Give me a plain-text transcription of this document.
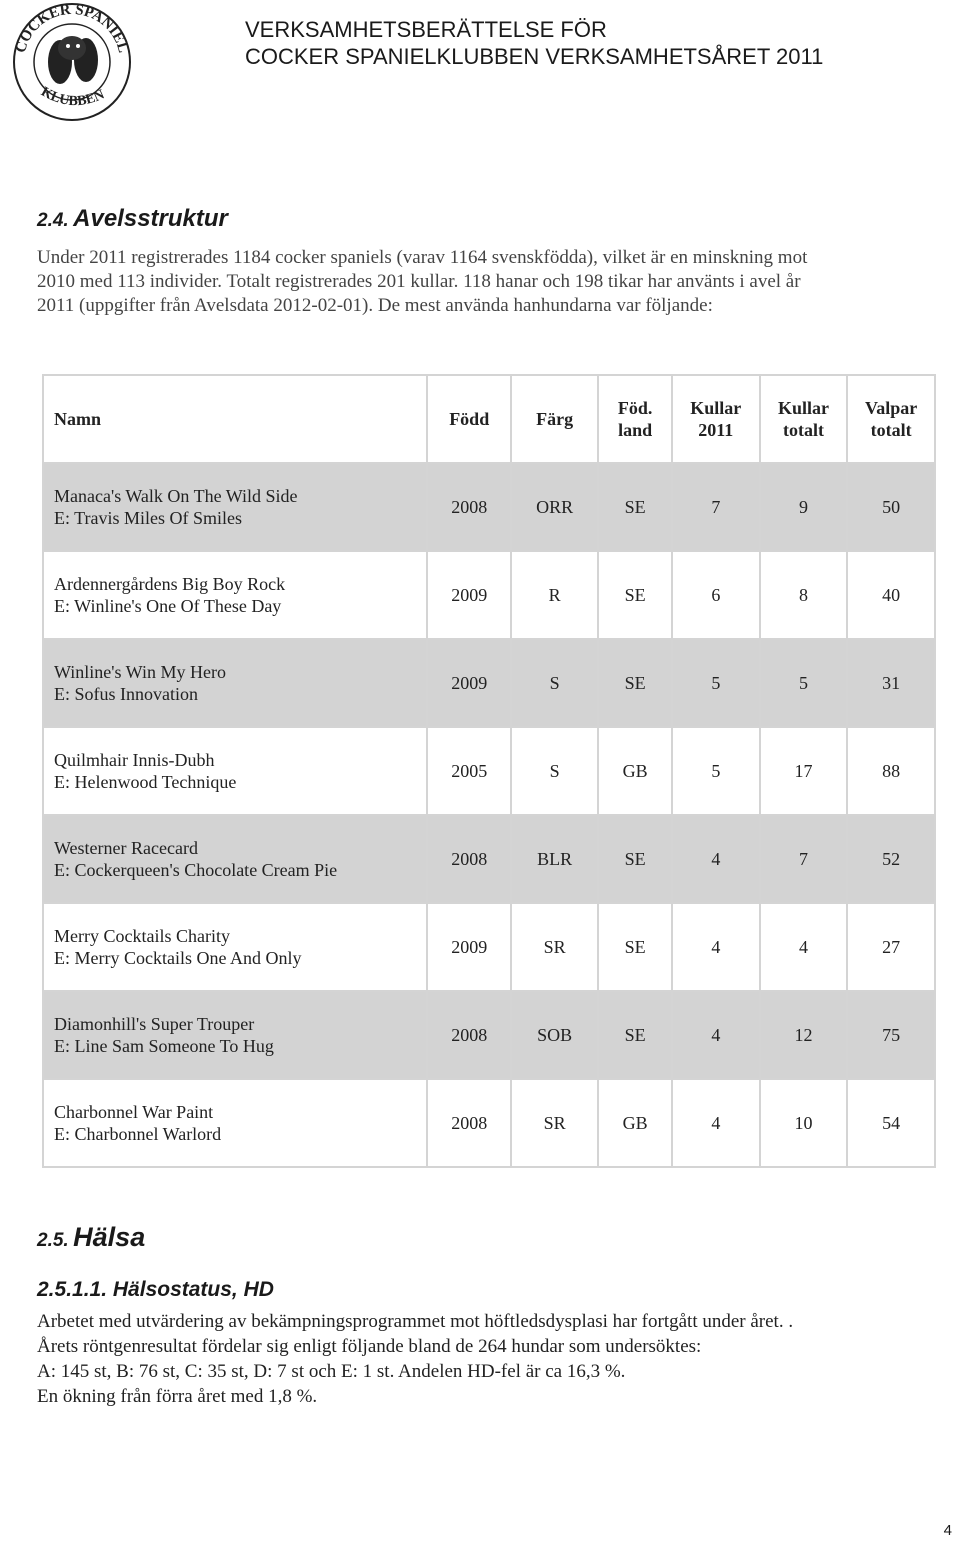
COCKER SPANIEL
KLUBBEN
VERKSAMHETSBERÄTTELSE FÖR
COCKER SPANIELKLUBBEN VERKSAMHETSÅRET 2011
2.4. Avelsstruktur
Under 2011 registrerades 1184 cocker spaniels (varav 1164 svenskfödda), vilket är en minskning mot
2010 med 113 individer. Totalt registrerades 201 kullar. 118 hanar och 198 tikar har använts i avel år
2011 (uppgifter från Avelsdata 2012-02-01). De mest använda hanhundarna var följande:
Namn	Född	Färg	Föd. land	Kullar 2011	Kullar totalt	Valpar totalt

Manaca's Walk On The Wild Side
E: Travis Miles Of Smiles	2008	ORR	SE	7	9	50

Ardennergårdens Big Boy Rock
E: Winline's One Of These Day	2009	R	SE	6	8	40

Winline's Win My Hero
E: Sofus Innovation	2009	S	SE	5	5	31

Quilmhair Innis-Dubh
E: Helenwood Technique	2005	S	GB	5	17	88

Westerner Racecard
E: Cockerqueen's Chocolate Cream Pie	2008	BLR	SE	4	7	52

Merry Cocktails Charity
E: Merry Cocktails One And Only	2009	SR	SE	4	4	27

Diamonhill's Super Trouper
E: Line Sam Someone To Hug	2008	SOB	SE	4	12	75

Charbonnel War Paint
E: Charbonnel Warlord	2008	SR	GB	4	10	54
2.5. Hälsa
2.5.1.1. Hälsostatus, HD
Arbetet med utvärdering av bekämpningsprogrammet mot höftledsdysplasi har fortgått under året. .
Årets röntgenresultat fördelar sig enligt följande bland de 264 hundar som undersöktes:
A: 145 st, B: 76 st, C: 35 st, D: 7 st och E: 1 st. Andelen HD-fel är ca 16,3 %.
En ökning från förra året med 1,8 %.
4
